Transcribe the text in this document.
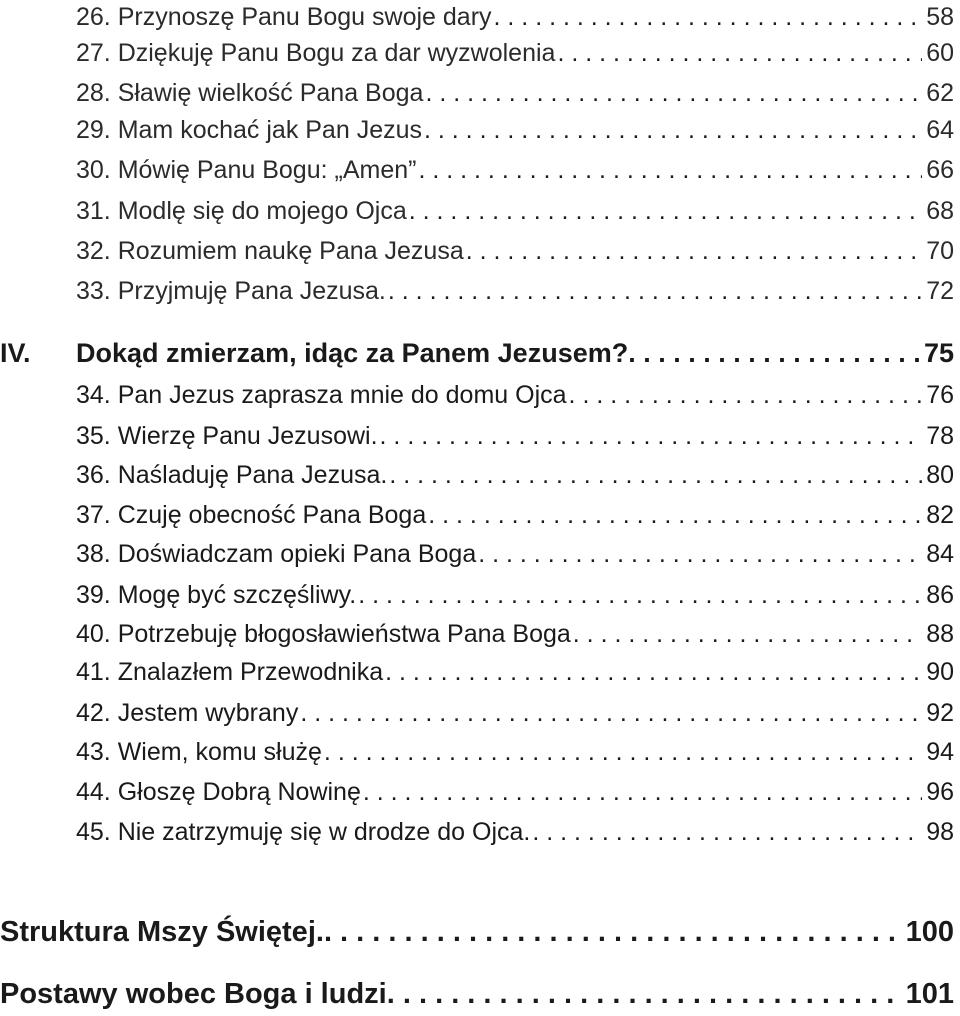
26. Przynoszę Panu Bogu swoje dary . . .	58
27. Dziękuję Panu Bogu za dar wyzwolenia . . .	60
28. Sławię wielkość Pana Boga . . .	62
29. Mam kochać jak Pan Jezus . . .	64
30. Mówię Panu Bogu: „Amen” . . .	66
31. Modlę się do mojego Ojca . . .	68
32. Rozumiem naukę Pana Jezusa . . .	70
33. Przyjmuję Pana Jezusa. . . .	72
IV.	Dokąd zmierzam, idąc za Panem Jezusem? . . .	75
34. Pan Jezus zaprasza mnie do domu Ojca . . .	76
35. Wierzę Panu Jezusowi. . . .	78
36. Naśladuję Pana Jezusa. . . .	80
37. Czuję obecność Pana Boga . . .	82
38. Doświadczam opieki Pana Boga . . .	84
39. Mogę być szczęśliwy. . . .	86
40. Potrzebuję błogosławieństwa Pana Boga . . .	88
41. Znalazłem Przewodnika . . .	90
42. Jestem wybrany . . .	92
43. Wiem, komu służę . . .	94
44. Głoszę Dobrą Nowinę . . .	96
45. Nie zatrzymuję się w drodze do Ojca. . . .	98
Struktura Mszy Świętej. . . .	100
Postawy wobec Boga i ludzi . . .	101
